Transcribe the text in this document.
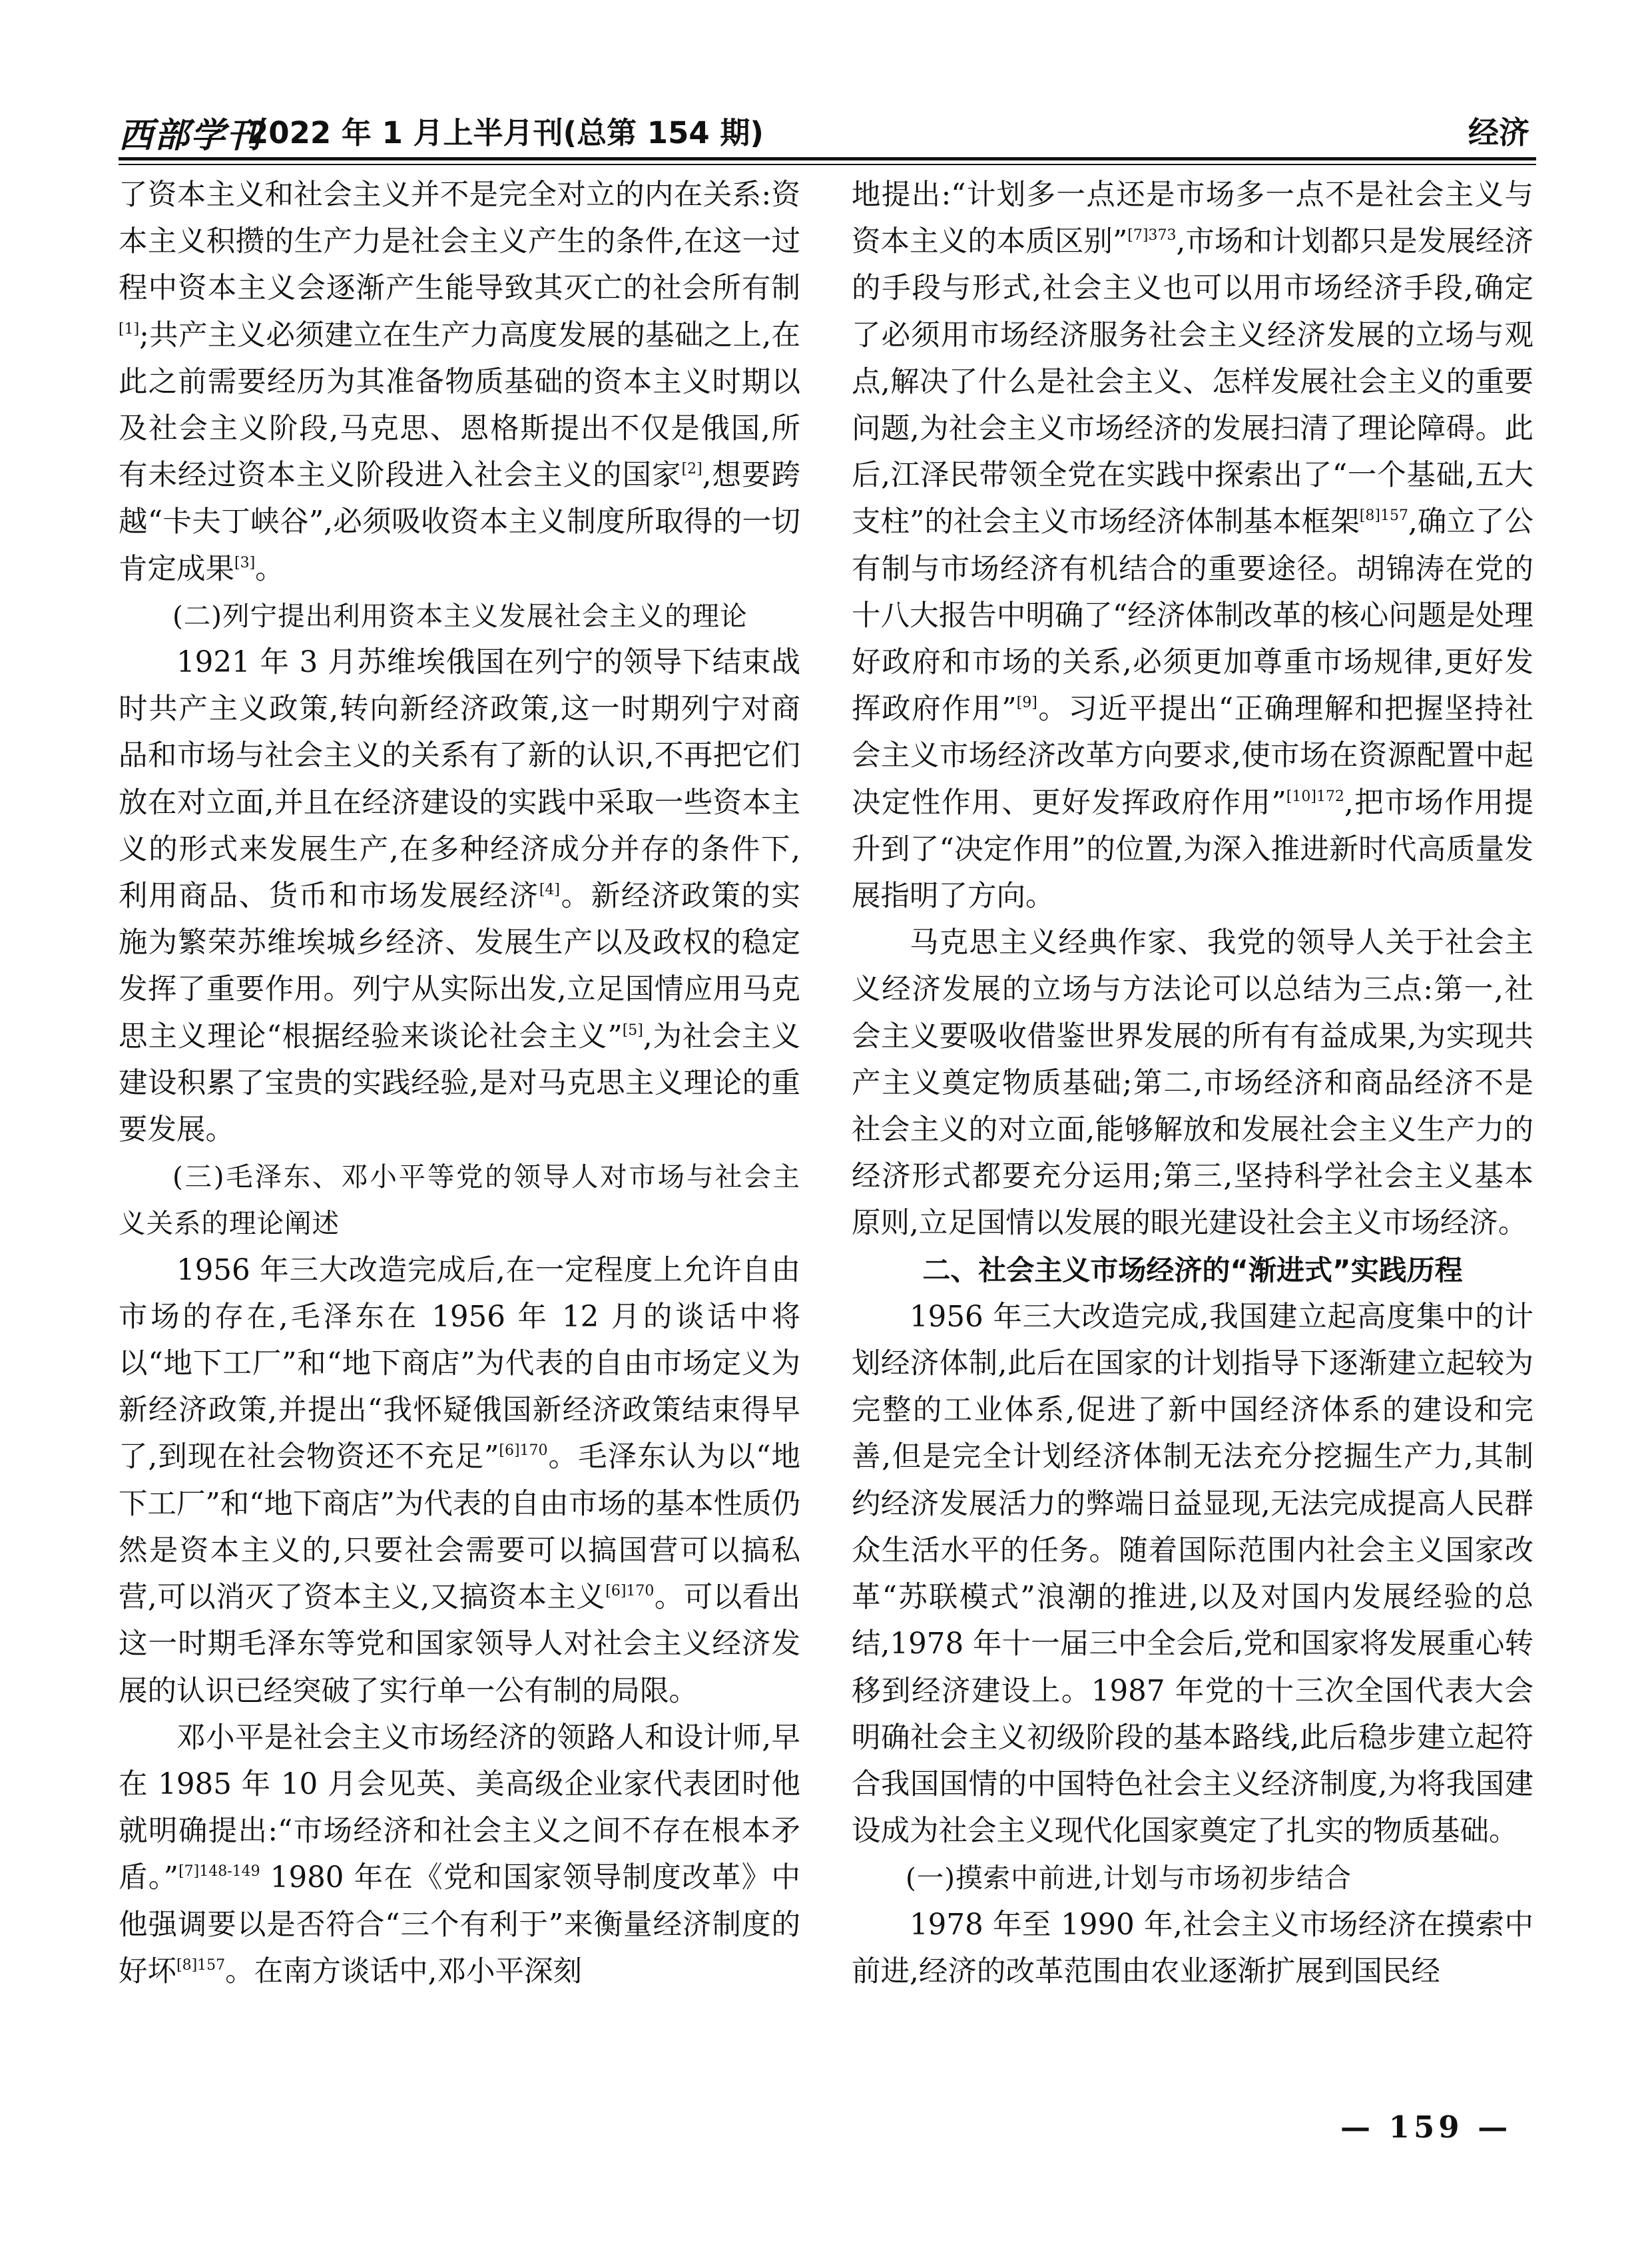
西部学刊
2022 年 1 月上半月刊(总第 154 期)	经济

了资本主义和社会主义并不是完全对立的内在关系:资本主义积攒的生产力是社会主义产生的条件,在这一过程中资本主义会逐渐产生能导致其灭亡的社会所有制[1];共产主义必须建立在生产力高度发展的基础之上,在此之前需要经历为其准备物质基础的资本主义时期以及社会主义阶段,马克思、恩格斯提出不仅是俄国,所有未经过资本主义阶段进入社会主义的国家[2],想要跨越“卡夫丁峡谷”,必须吸收资本主义制度所取得的一切肯定成果[3]。

(二)列宁提出利用资本主义发展社会主义的理论

1921 年 3 月苏维埃俄国在列宁的领导下结束战时共产主义政策,转向新经济政策,这一时期列宁对商品和市场与社会主义的关系有了新的认识,不再把它们放在对立面,并且在经济建设的实践中采取一些资本主义的形式来发展生产,在多种经济成分并存的条件下,利用商品、货币和市场发展经济[4]。新经济政策的实施为繁荣苏维埃城乡经济、发展生产以及政权的稳定发挥了重要作用。列宁从实际出发,立足国情应用马克思主义理论“根据经验来谈论社会主义”[5],为社会主义建设积累了宝贵的实践经验,是对马克思主义理论的重要发展。

(三)毛泽东、邓小平等党的领导人对市场与社会主义关系的理论阐述

1956 年三大改造完成后,在一定程度上允许自由市场的存在,毛泽东在 1956 年 12 月的谈话中将以“地下工厂”和“地下商店”为代表的自由市场定义为新经济政策,并提出“我怀疑俄国新经济政策结束得早了,到现在社会物资还不充足”$^{[6]170}$。毛泽东认为以“地下工厂”和“地下商店”为代表的自由市场的基本性质仍然是资本主义的,只要社会需要可以搞国营可以搞私营,可以消灭了资本主义,又搞资本主义$^{[6]170}$。可以看出这一时期毛泽东等党和国家领导人对社会主义经济发展的认识已经突破了实行单一公有制的局限。

邓小平是社会主义市场经济的领路人和设计师,早在 1985 年 10 月会见英、美高级企业家代表团时他就明确提出:“市场经济和社会主义之间不存在根本矛盾。”$^{[7]148-149}$ 1980 年在《党和国家领导制度改革》中他强调要以是否符合“三个有利于”来衡量经济制度的好坏$^{[8]157}$。在南方谈话中,邓小平深刻

地提出:“计划多一点还是市场多一点不是社会主义与资本主义的本质区别”$^{[7]373}$,市场和计划都只是发展经济的手段与形式,社会主义也可以用市场经济手段,确定了必须用市场经济服务社会主义经济发展的立场与观点,解决了什么是社会主义、怎样发展社会主义的重要问题,为社会主义市场经济的发展扫清了理论障碍。此后,江泽民带领全党在实践中探索出了“一个基础,五大支柱”的社会主义市场经济体制基本框架$^{[8]157}$,确立了公有制与市场经济有机结合的重要途径。胡锦涛在党的十八大报告中明确了“经济体制改革的核心问题是处理好政府和市场的关系,必须更加尊重市场规律,更好发挥政府作用”[9]。习近平提出“正确理解和把握坚持社会主义市场经济改革方向要求,使市场在资源配置中起决定性作用、更好发挥政府作用”$^{[10]172}$,把市场作用提升到了“决定作用”的位置,为深入推进新时代高质量发展指明了方向。

马克思主义经典作家、我党的领导人关于社会主义经济发展的立场与方法论可以总结为三点:第一,社会主义要吸收借鉴世界发展的所有有益成果,为实现共产主义奠定物质基础;第二,市场经济和商品经济不是社会主义的对立面,能够解放和发展社会主义生产力的经济形式都要充分运用;第三,坚持科学社会主义基本原则,立足国情以发展的眼光建设社会主义市场经济。

二、社会主义市场经济的“渐进式”实践历程

1956 年三大改造完成,我国建立起高度集中的计划经济体制,此后在国家的计划指导下逐渐建立起较为完整的工业体系,促进了新中国经济体系的建设和完善,但是完全计划经济体制无法充分挖掘生产力,其制约经济发展活力的弊端日益显现,无法完成提高人民群众生活水平的任务。随着国际范围内社会主义国家改革“苏联模式”浪潮的推进,以及对国内发展经验的总结,1978 年十一届三中全会后,党和国家将发展重心转移到经济建设上。1987 年党的十三次全国代表大会明确社会主义初级阶段的基本路线,此后稳步建立起符合我国国情的中国特色社会主义经济制度,为将我国建设成为社会主义现代化国家奠定了扎实的物质基础。

(一)摸索中前进,计划与市场初步结合

1978 年至 1990 年,社会主义市场经济在摸索中前进,经济的改革范围由农业逐渐扩展到国民经

— 159 —
